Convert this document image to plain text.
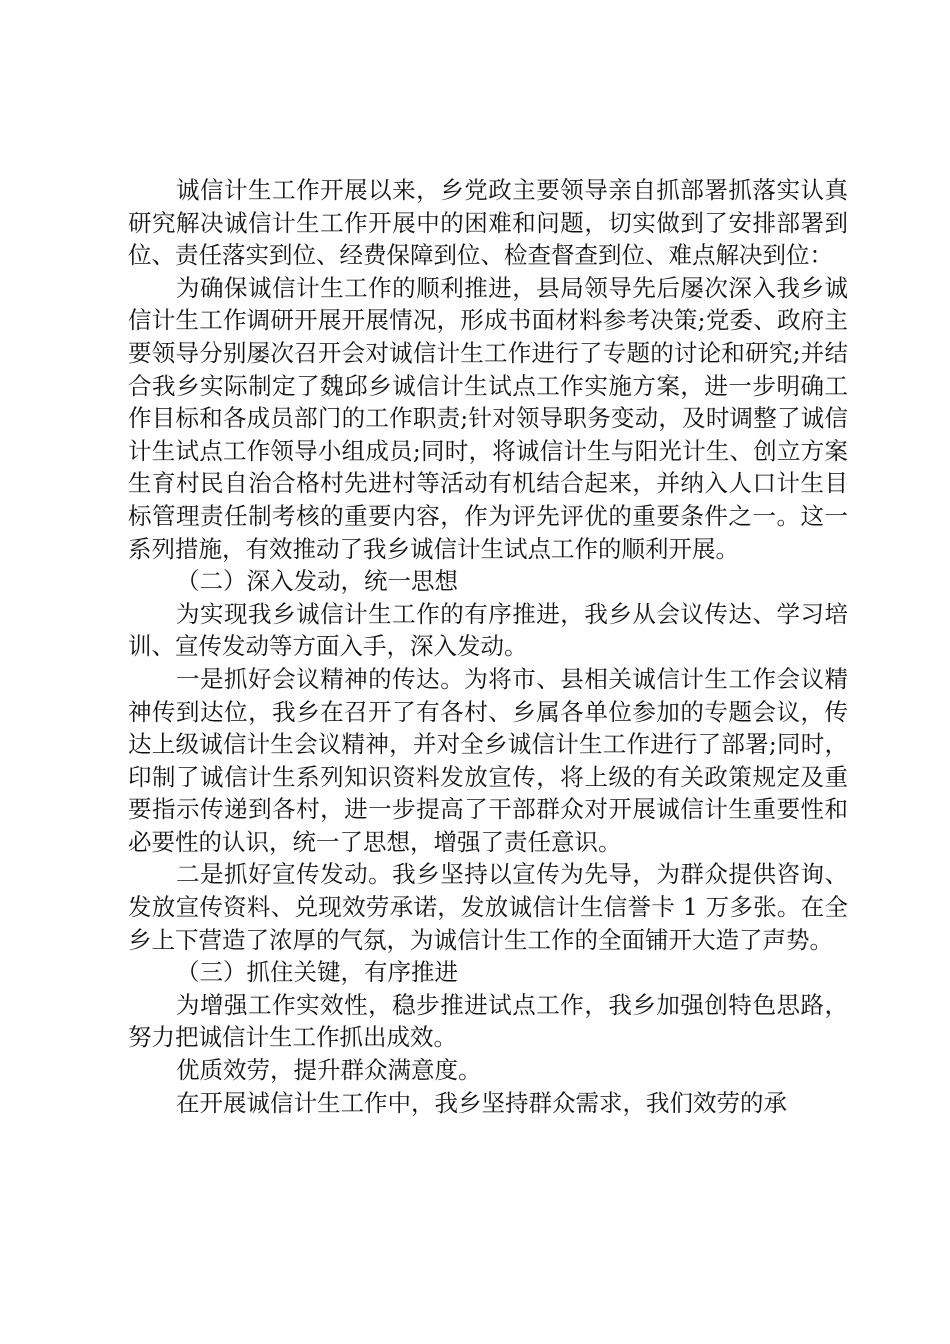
诚信计生工作开展以来，乡党政主要领导亲自抓部署抓落实认真研究解决诚信计生工作开展中的困难和问题，切实做到了安排部署到位、责任落实到位、经费保障到位、检查督查到位、难点解决到位：

为确保诚信计生工作的顺利推进，县局领导先后屡次深入我乡诚信计生工作调研开展开展情况，形成书面材料参考决策;党委、政府主要领导分别屡次召开会对诚信计生工作进行了专题的讨论和研究;并结合我乡实际制定了魏邱乡诚信计生试点工作实施方案，进一步明确工作目标和各成员部门的工作职责;针对领导职务变动，及时调整了诚信计生试点工作领导小组成员;同时，将诚信计生与阳光计生、创立方案生育村民自治合格村先进村等活动有机结合起来，并纳入人口计生目标管理责任制考核的重要内容，作为评先评优的重要条件之一。这一系列措施，有效推动了我乡诚信计生试点工作的顺利开展。

（二）深入发动，统一思想

为实现我乡诚信计生工作的有序推进，我乡从会议传达、学习培训、宣传发动等方面入手，深入发动。

一是抓好会议精神的传达。为将市、县相关诚信计生工作会议精神传到达位，我乡在召开了有各村、乡属各单位参加的专题会议，传达上级诚信计生会议精神，并对全乡诚信计生工作进行了部署;同时，印制了诚信计生系列知识资料发放宣传，将上级的有关政策规定及重要指示传递到各村，进一步提高了干部群众对开展诚信计生重要性和必要性的认识，统一了思想，增强了责任意识。

二是抓好宣传发动。我乡坚持以宣传为先导，为群众提供咨询、发放宣传资料、兑现效劳承诺，发放诚信计生信誉卡 1 万多张。在全乡上下营造了浓厚的气氛，为诚信计生工作的全面铺开大造了声势。

（三）抓住关键，有序推进

为增强工作实效性，稳步推进试点工作，我乡加强创特色思路，努力把诚信计生工作抓出成效。

优质效劳，提升群众满意度。

在开展诚信计生工作中，我乡坚持群众需求，我们效劳的承
